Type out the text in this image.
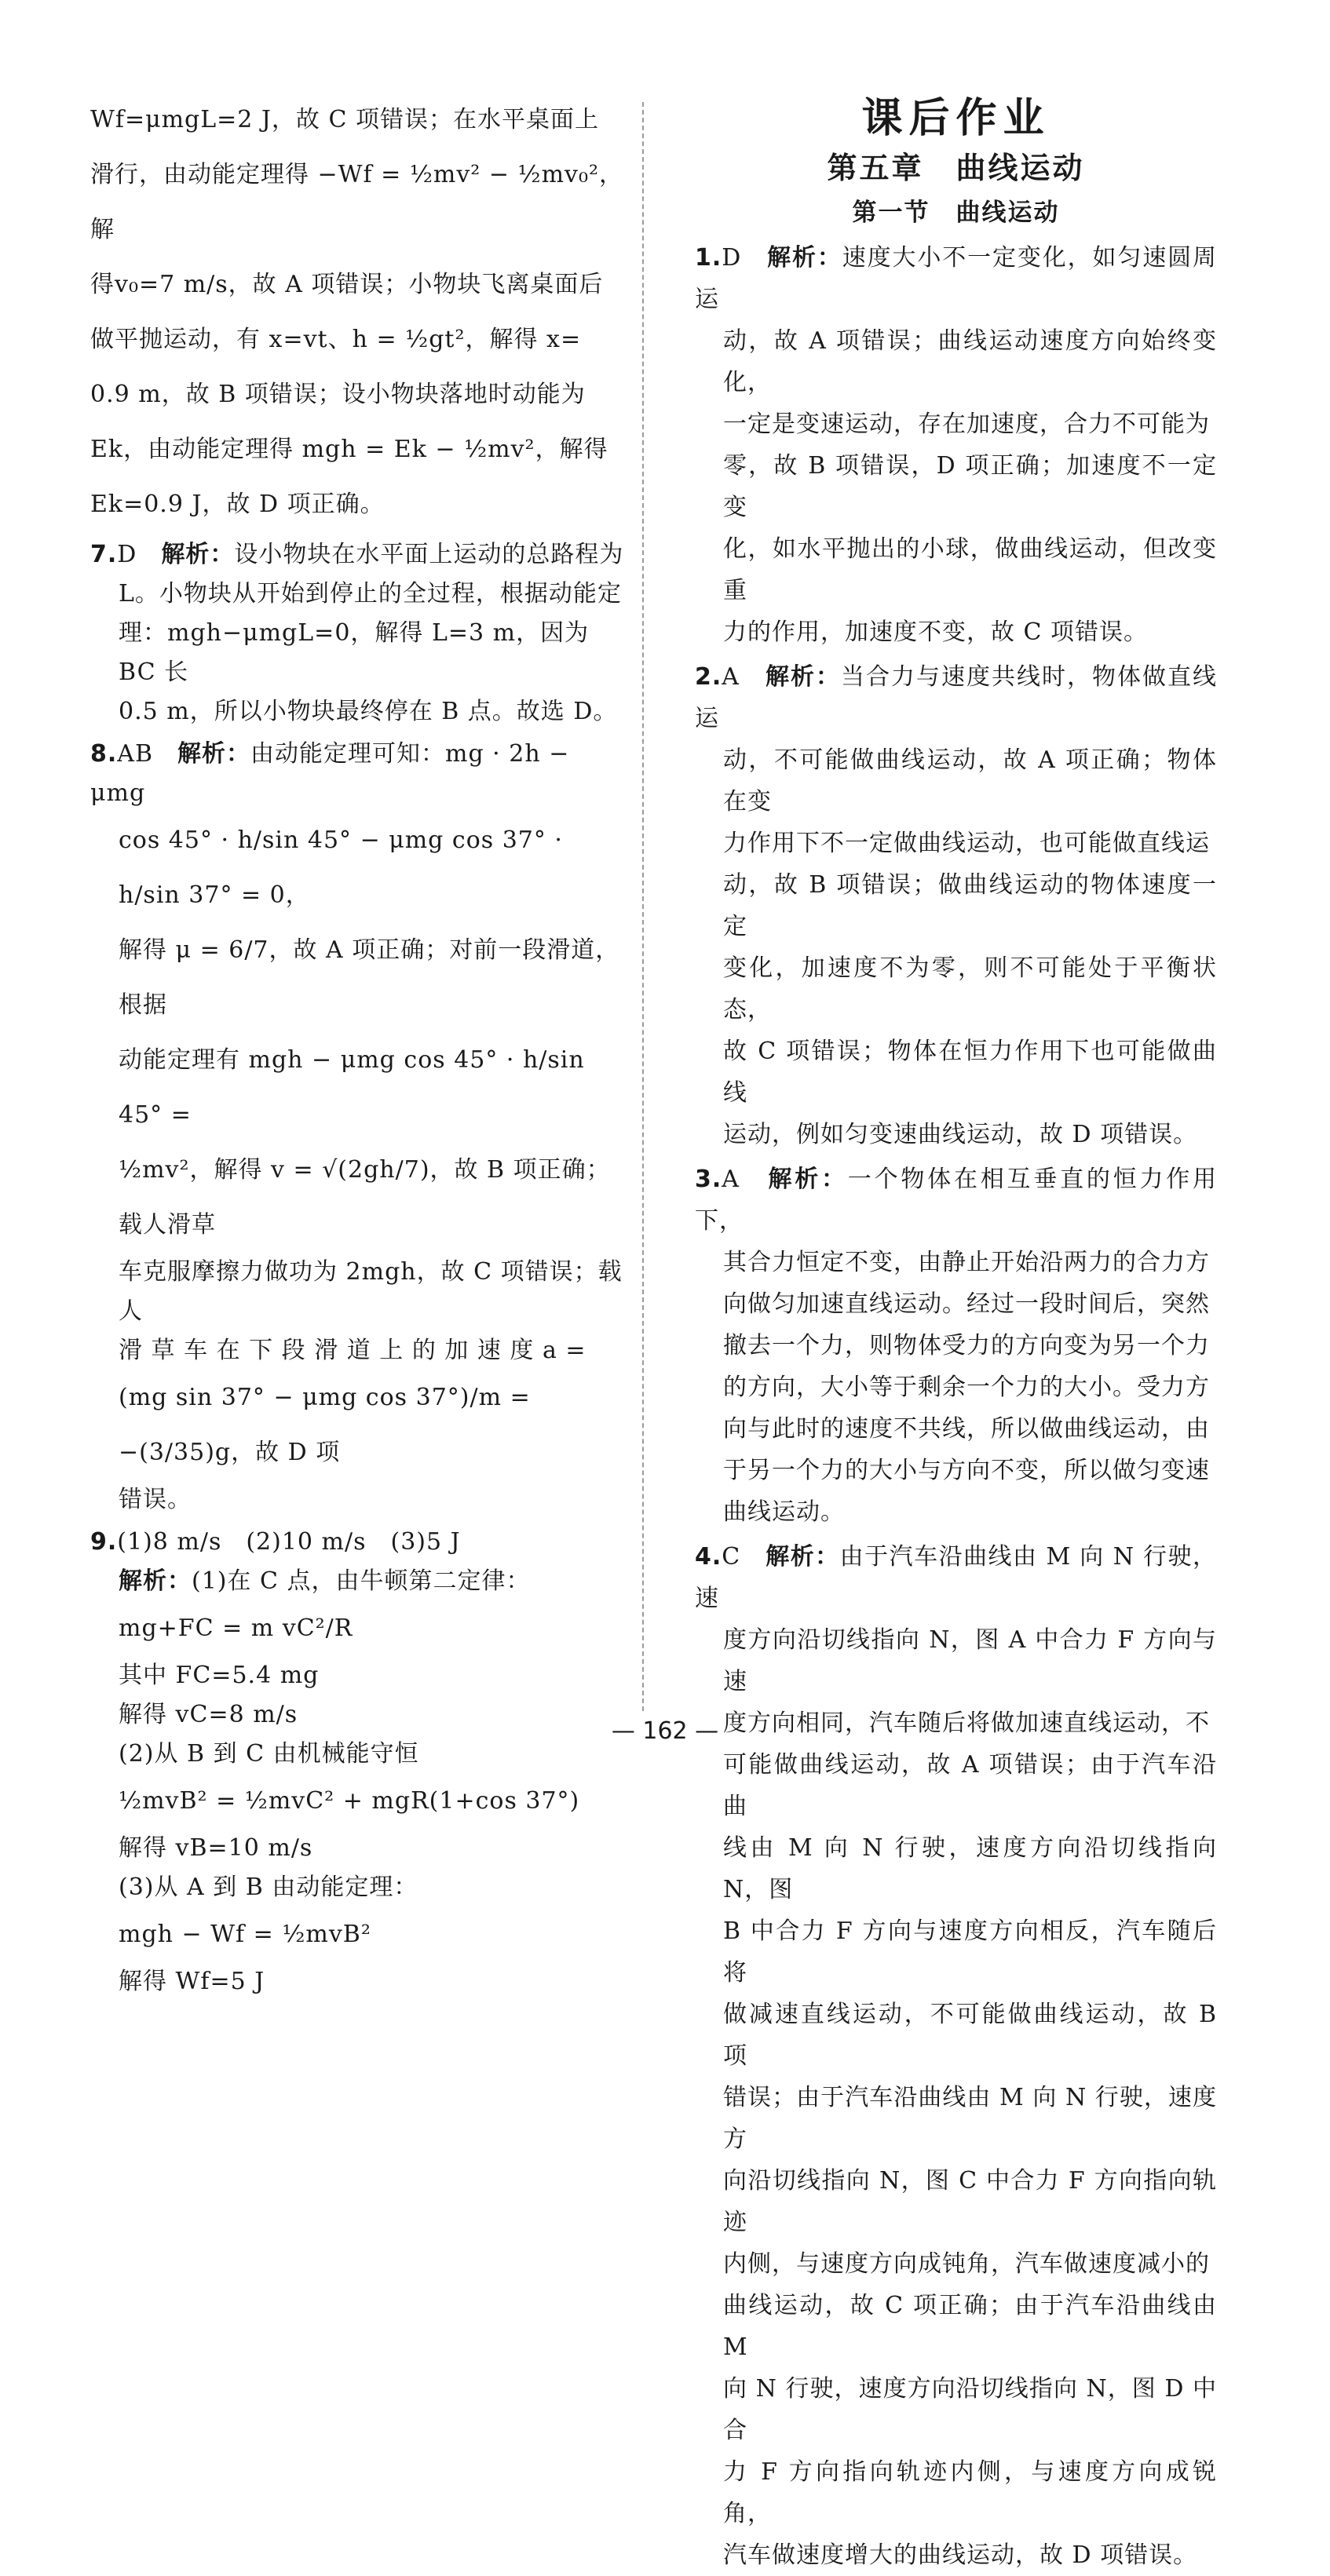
Wf=μmgL=2 J，故 C 项错误；在水平桌面上
滑行，由动能定理得 −Wf = ½mv² − ½mv₀²，解
得v₀=7 m/s，故 A 项错误；小物块飞离桌面后
做平抛运动，有 x=vt、h = ½gt²，解得 x=
0.9 m，故 B 项错误；设小物块落地时动能为
Ek，由动能定理得 mgh = Ek − ½mv²，解得
Ek=0.9 J，故 D 项正确。
7.D　 解析：设小物块在水平面上运动的总路程为
L。小物块从开始到停止的全过程，根据动能定
理：mgh−μmgL=0，解得 L=3 m，因为 BC 长
0.5 m，所以小物块最终停在 B 点。故选 D。
8.AB　 解析：由动能定理可知：mg · 2h − μmg
cos 45° · h/sin 45° − μmg cos 37° · h/sin 37° = 0，
解得 μ = 6/7，故 A 项正确；对前一段滑道，根据
动能定理有 mgh − μmg cos 45° · h/sin 45° =
½mv²，解得 v = √(2gh/7)，故 B 项正确；载人滑草
车克服摩擦力做功为 2mgh，故 C 项错误；载人
滑 草 车 在 下 段 滑 道 上 的 加 速 度 a =
(mg sin 37° − μmg cos 37°)/m = −(3/35)g，故 D 项
错误。
9.(1)8 m/s　(2)10 m/s　(3)5 J
解析：(1)在 C 点，由牛顿第二定律：
mg+FC = m vC²/R
其中 FC=5.4 mg
解得 vC=8 m/s
(2)从 B 到 C 由机械能守恒
½mvB² = ½mvC² + mgR(1+cos 37°)
解得 vB=10 m/s
(3)从 A 到 B 由动能定理：
mgh − Wf = ½mvB²
解得 Wf=5 J
课后作业
第五章　曲线运动
第一节　曲线运动
1.D　 解析：速度大小不一定变化，如匀速圆周运
动，故 A 项错误；曲线运动速度方向始终变化，
一定是变速运动，存在加速度，合力不可能为
零，故 B 项错误，D 项正确；加速度不一定变
化，如水平抛出的小球，做曲线运动，但改变重
力的作用，加速度不变，故 C 项错误。
2.A　 解析：当合力与速度共线时，物体做直线运
动，不可能做曲线运动，故 A 项正确；物体在变
力作用下不一定做曲线运动，也可能做直线运
动，故 B 项错误；做曲线运动的物体速度一定
变化，加速度不为零，则不可能处于平衡状态，
故 C 项错误；物体在恒力作用下也可能做曲线
运动，例如匀变速曲线运动，故 D 项错误。
3.A　 解析：一个物体在相互垂直的恒力作用下，
其合力恒定不变，由静止开始沿两力的合力方
向做匀加速直线运动。经过一段时间后，突然
撤去一个力，则物体受力的方向变为另一个力
的方向，大小等于剩余一个力的大小。受力方
向与此时的速度不共线，所以做曲线运动，由
于另一个力的大小与方向不变，所以做匀变速
曲线运动。
4.C　 解析：由于汽车沿曲线由 M 向 N 行驶，速
度方向沿切线指向 N，图 A 中合力 F 方向与速
度方向相同，汽车随后将做加速直线运动，不
可能做曲线运动，故 A 项错误；由于汽车沿曲
线由 M 向 N 行驶，速度方向沿切线指向 N，图
B 中合力 F 方向与速度方向相反，汽车随后将
做减速直线运动，不可能做曲线运动，故 B 项
错误；由于汽车沿曲线由 M 向 N 行驶，速度方
向沿切线指向 N，图 C 中合力 F 方向指向轨迹
内侧，与速度方向成钝角，汽车做速度减小的
曲线运动，故 C 项正确；由于汽车沿曲线由 M
向 N 行驶，速度方向沿切线指向 N，图 D 中合
力 F 方向指向轨迹内侧，与速度方向成锐角，
汽车做速度增大的曲线运动，故 D 项错误。
— 162 —
